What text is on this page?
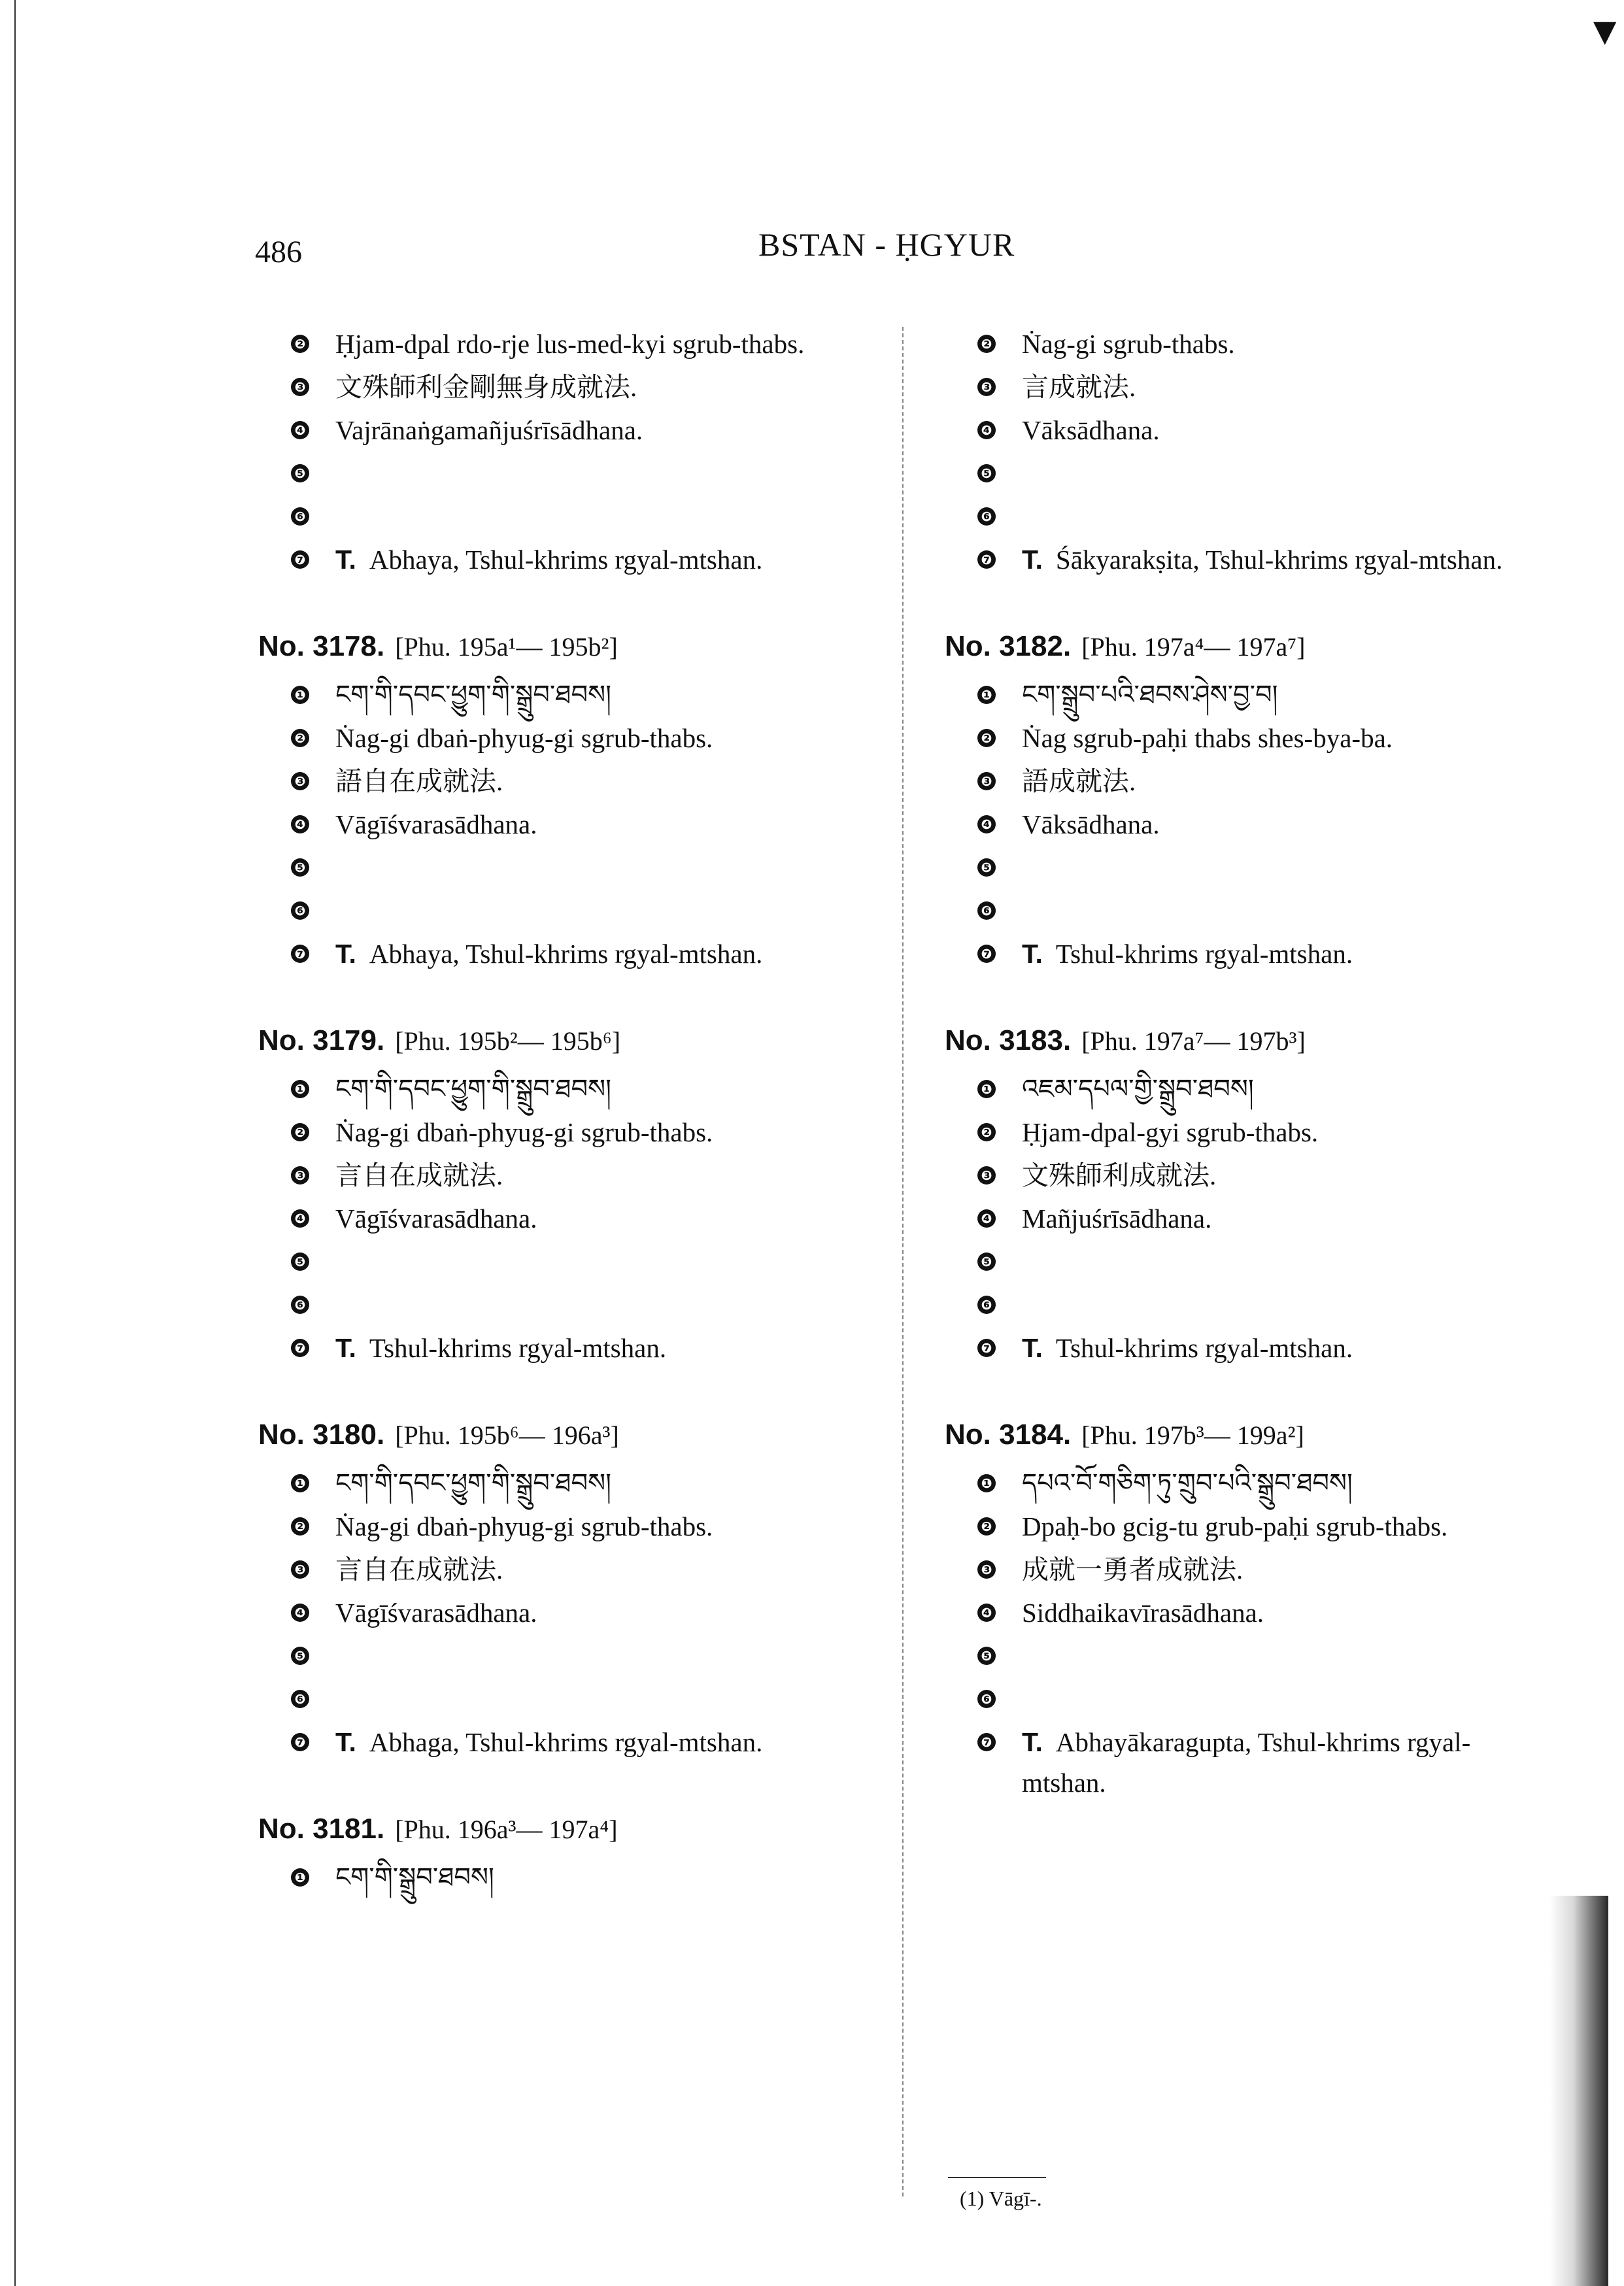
▼
486	BSTAN - ḤGYUR
❷ Ḥjam-dpal rdo-rje lus-med-kyi sgrub-thabs.
❸ 文殊師利金剛無身成就法.
❹ Vajrānaṅgamañjuśrīsādhana.
❺
❻
❼ T. Abhaya, Tshul-khrims rgyal-mtshan.
No. 3178. [Phu. 195a¹— 195b²]
❶ ངག་གི་དབང་ཕྱུག་གི་སྒྲུབ་ཐབས།
❷ Ṅag-gi dbaṅ-phyug-gi sgrub-thabs.
❸ 語自在成就法.
❹ Vāgīśvarasādhana.
❺
❻
❼ T. Abhaya, Tshul-khrims rgyal-mtshan.
No. 3179. [Phu. 195b²— 195b⁶]
❶ ངག་གི་དབང་ཕྱུག་གི་སྒྲུབ་ཐབས།
❷ Ṅag-gi dbaṅ-phyug-gi sgrub-thabs.
❸ 言自在成就法.
❹ Vāgīśvarasādhana.
❺
❻
❼ T. Tshul-khrims rgyal-mtshan.
No. 3180. [Phu. 195b⁶— 196a³]
❶ ངག་གི་དབང་ཕྱུག་གི་སྒྲུབ་ཐབས།
❷ Ṅag-gi dbaṅ-phyug-gi sgrub-thabs.
❸ 言自在成就法.
❹ Vāgīśvarasādhana.
❺
❻
❼ T. Abhaga, Tshul-khrims rgyal-mtshan.
No. 3181. [Phu. 196a³— 197a⁴]
❶ ངག་གི་སྒྲུབ་ཐབས།
❷ Ṅag-gi sgrub-thabs.
❸ 言成就法.
❹ Vāksādhana.
❺
❻
❼ T. Śākyarakṣita, Tshul-khrims rgyal-mtshan.
No. 3182. [Phu. 197a⁴— 197a⁷]
❶ ངག་སྒྲུབ་པའི་ཐབས་ཤེས་བྱ་བ།
❷ Ṅag sgrub-paḥi thabs shes-bya-ba.
❸ 語成就法.
❹ Vāksādhana.
❺
❻
❼ T. Tshul-khrims rgyal-mtshan.
No. 3183. [Phu. 197a⁷— 197b³]
❶ འཇམ་དཔལ་གྱི་སྒྲུབ་ཐབས།
❷ Ḥjam-dpal-gyi sgrub-thabs.
❸ 文殊師利成就法.
❹ Mañjuśrīsādhana.
❺
❻
❼ T. Tshul-khrims rgyal-mtshan.
No. 3184. [Phu. 197b³— 199a²]
❶ དཔའ་བོ་གཅིག་ཏུ་གྲུབ་པའི་སྒྲུབ་ཐབས།
❷ Dpaḥ-bo gcig-tu grub-paḥi sgrub-thabs.
❸ 成就一勇者成就法.
❹ Siddhaikavīrasādhana.
❺
❻
❼ T. Abhayākaragupta, Tshul-khrims rgyal-mtshan.
(1) Vāgī-.
